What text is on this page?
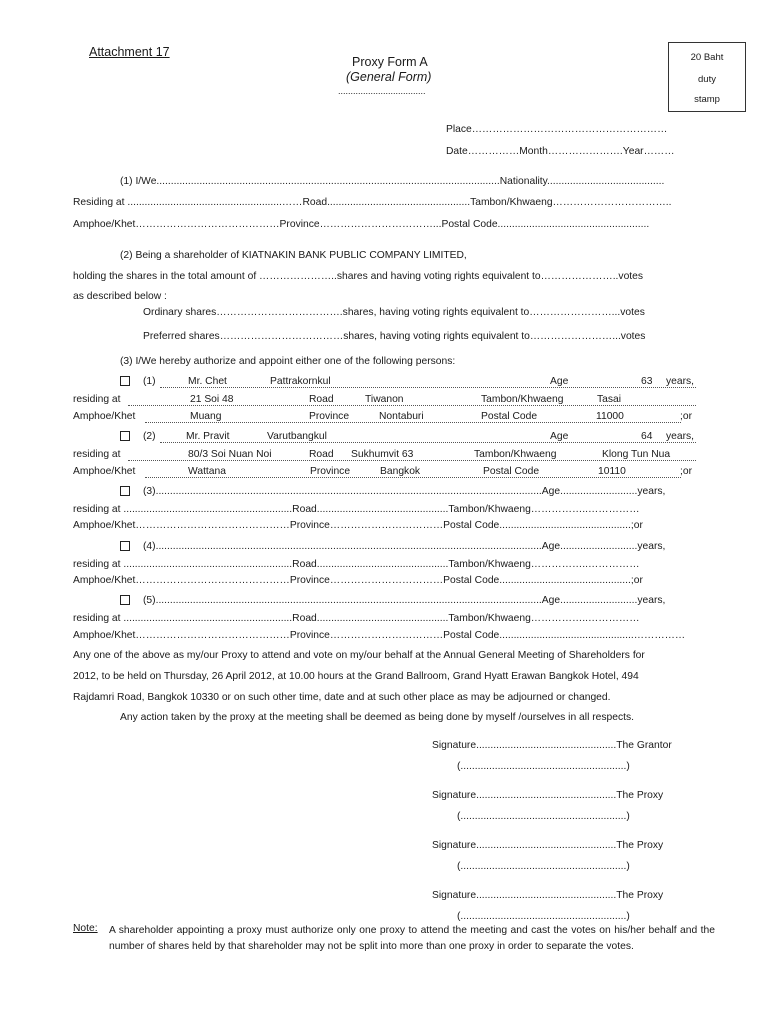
Attachment 17
Proxy Form A
(General Form)
...................................
20 Baht
duty
stamp
Place…………………………………………………
Date……………Month………………….Year………
(1) I/We........................................................................................................................Nationality.........................................
Residing at ......................................................……Road..................................................Tambon/Khwaeng……………………………..
Amphoe/Khet……………………………………Province……………………………...Postal Code.....................................................
(2) Being a shareholder of KIATNAKIN BANK PUBLIC COMPANY LIMITED,
holding the shares in the total amount of …………………..shares and having voting rights equivalent to…………………..votes
as described below :
Ordinary shares……………………………….shares, having voting rights equivalent to……………………...votes
Preferred shares………………………………shares, having voting rights equivalent to……………………...votes
(3) I/We hereby authorize and appoint either one of the following persons:
(1)	Mr. Chet	Pattrakornkul	Age	63 years,
residing at	21 Soi 48	Road	Tiwanon	Tambon/Khwaeng	Tasai
Amphoe/Khet	Muang	Province	Nontaburi	Postal Code	11000	;or
(2)	Mr. Pravit	Varutbangkul	Age	64 years,
residing at	80/3 Soi Nuan Noi	Road Sukhumvit 63	Tambon/Khwaeng	Klong Tun Nua
Amphoe/Khet	Wattana	Province	Bangkok	Postal Code	10110	;or
(3).......................................................................................................................................Age...........................years,
residing at ...........................................................Road..............................................Tambon/Khwaeng……………..……………
Amphoe/Khet………………………………………Province……………………………Postal Code..............................................;or
(4).......................................................................................................................................Age...........................years,
residing at ...........................................................Road..............................................Tambon/Khwaeng……………..……………
Amphoe/Khet………………………………………Province……………………………Postal Code..............................................;or
(5).......................................................................................................................................Age...........................years,
residing at ...........................................................Road..............................................Tambon/Khwaeng……………..……………
Amphoe/Khet………………………………………Province……………………………Postal Code...............................................……………
Any one of the above as my/our Proxy to attend and vote on my/our behalf at the Annual General Meeting of Shareholders for
2012, to be held on Thursday, 26 April 2012, at 10.00 hours at the Grand Ballroom, Grand Hyatt Erawan Bangkok Hotel, 494
Rajdamri Road, Bangkok 10330 or on such other time, date and at such other place as may be adjourned or changed.
Any action taken by the proxy at the meeting shall be deemed as being done by myself /ourselves in all respects.
Signature.................................................The Grantor
(..........................................................)
Signature.................................................The Proxy
(..........................................................)
Signature.................................................The Proxy
(..........................................................)
Signature.................................................The Proxy
(..........................................................)
Note: A shareholder appointing a proxy must authorize only one proxy to attend the meeting and cast the votes on his/her behalf and the number of shares held by that shareholder may not be split into more than one proxy in order to separate the votes.
